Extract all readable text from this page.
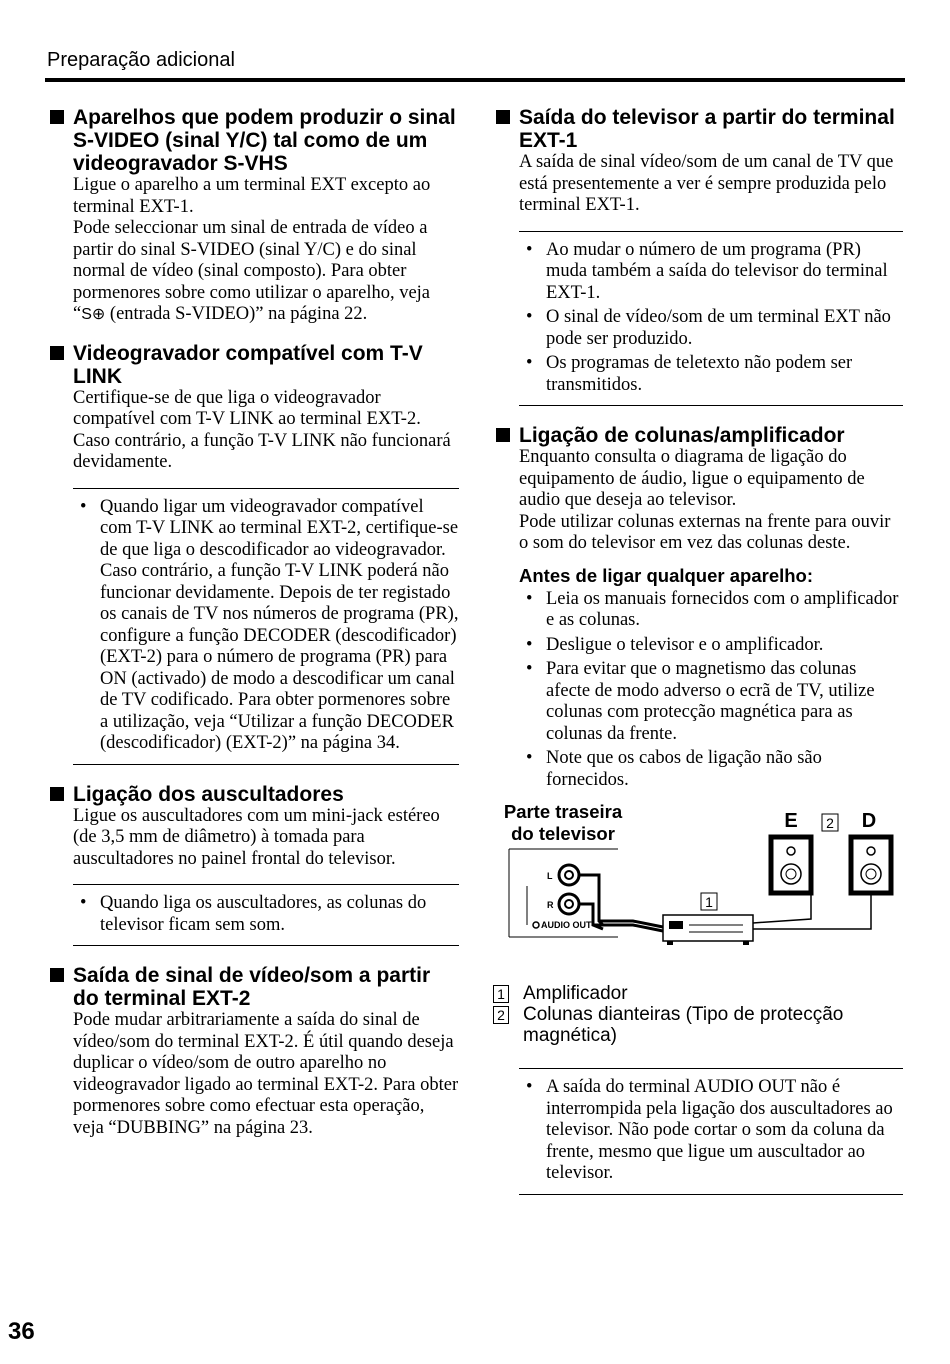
Preparação adicional
Aparelhos que podem produzir o sinal S-VIDEO (sinal Y/C) tal como de um videogravador S-VHS

Ligue o aparelho a um terminal EXT excepto ao terminal EXT-1.

Pode seleccionar um sinal de entrada de vídeo a partir do sinal S-VIDEO (sinal Y/C) e do sinal normal de vídeo (sinal composto). Para obter pormenores sobre como utilizar o aparelho, veja “S⊕ (entrada S-VIDEO)” na página 22.

Videogravador compatível com T-V LINK

Certifique-se de que liga o videogravador compatível com T-V LINK ao terminal EXT-2. Caso contrário, a função T-V LINK não funcionará devidamente.

• Quando ligar um videogravador compatível com T-V LINK ao terminal EXT-2, certifique-se de que liga o descodificador ao videogravador. Caso contrário, a função T-V LINK poderá não funcionar devidamente. Depois de ter registado os canais de TV nos números de programa (PR), configure a função DECODER (descodificador) (EXT-2) para o número de programa (PR) para ON (activado) de modo a descodificar um canal de TV codificado. Para obter pormenores sobre a utilização, veja “Utilizar a função DECODER (descodificador) (EXT-2)” na página 34.
Ligação dos auscultadores

Ligue os auscultadores com um mini-jack estéreo (de 3,5 mm de diâmetro) à tomada para auscultadores no painel frontal do televisor.

• Quando liga os auscultadores, as colunas do televisor ficam sem som.
Saída de sinal de vídeo/som a partir do terminal EXT-2

Pode mudar arbitrariamente a saída do sinal de vídeo/som do terminal EXT-2. É útil quando deseja duplicar o vídeo/som de outro aparelho no videogravador ligado ao terminal EXT-2. Para obter pormenores sobre como efectuar esta operação, veja “DUBBING” na página 23.

Saída do televisor a partir do terminal EXT-1

A saída de sinal vídeo/som de um canal de TV que está presentemente a ver é sempre produzida pelo terminal EXT-1.

• Ao mudar o número de um programa (PR) muda também a saída do televisor do terminal EXT-1.
• O sinal de vídeo/som de um terminal EXT não pode ser produzido.
• Os programas de teletexto não podem ser transmitidos.
Ligação de colunas/amplificador

Enquanto consulta o diagrama de ligação do equipamento de áudio, ligue o equipamento de audio que deseja ao televisor.

Pode utilizar colunas externas na frente para ouvir o som do televisor em vez das colunas deste.

Antes de ligar qualquer aparelho:
• Leia os manuais fornecidos com o amplificador e as colunas.
• Desligue o televisor e o amplificador.
• Para evitar que o magnetismo das colunas afecte de modo adverso o ecrã de TV, utilize colunas com protecção magnética para as colunas da frente.
• Note que os cabos de ligação não são fornecidos.
Parte traseira
do televisor
L
R
AUDIO OUT
1
E	D
2
1 Amplificador
2 Colunas dianteiras (Tipo de protecção magnética)
• A saída do terminal AUDIO OUT não é interrompida pela ligação dos auscultadores ao televisor. Não pode cortar o som da coluna da frente, mesmo que ligue um auscultador ao televisor.
36
